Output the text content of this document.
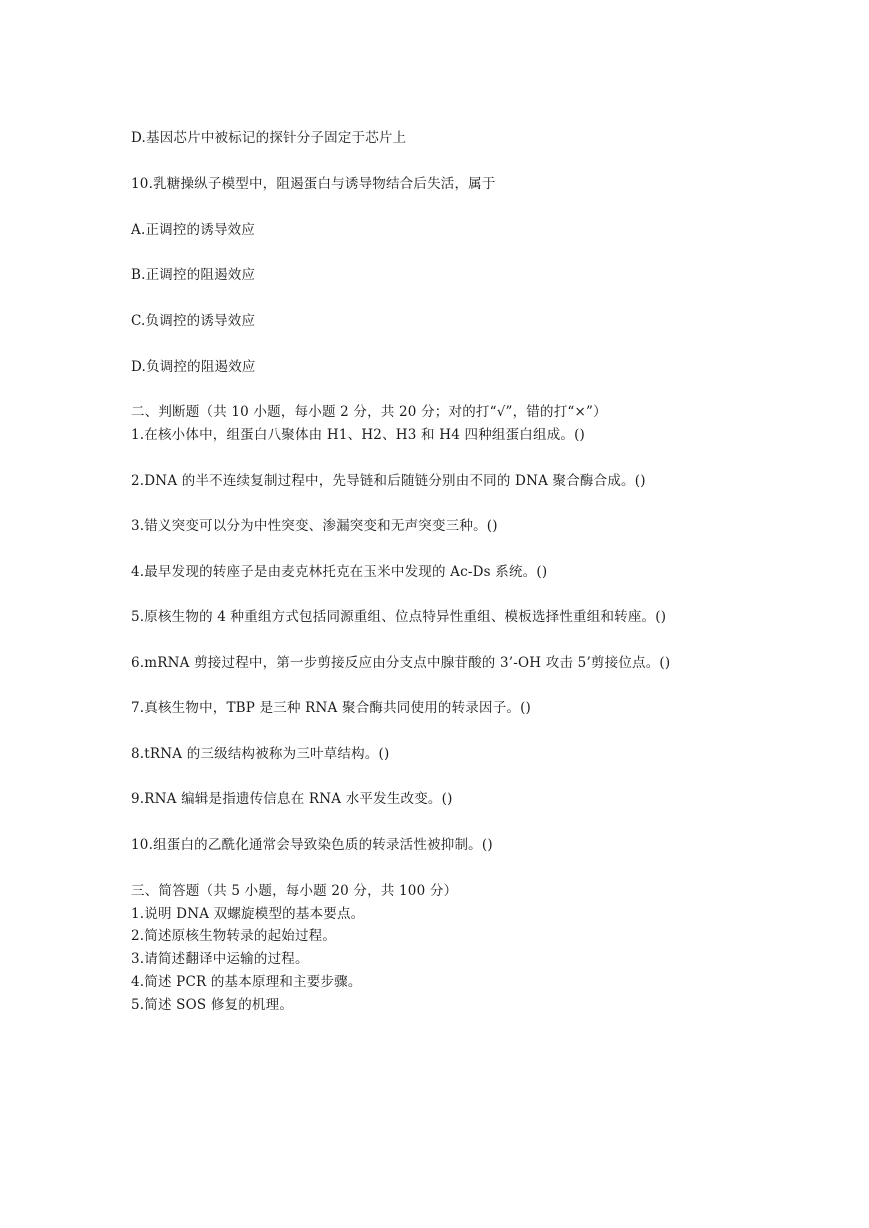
D.基因芯片中被标记的探针分子固定于芯片上
10.乳糖操纵子模型中，阻遏蛋白与诱导物结合后失活，属于
A.正调控的诱导效应
B.正调控的阻遏效应
C.负调控的诱导效应
D.负调控的阻遏效应
二、判断题（共 10 小题，每小题 2 分，共 20 分；对的打“√”，错的打“×”）
1.在核小体中，组蛋白八聚体由 H1、H2、H3 和 H4 四种组蛋白组成。()
2.DNA 的半不连续复制过程中，先导链和后随链分别由不同的 DNA 聚合酶合成。()
3.错义突变可以分为中性突变、渗漏突变和无声突变三种。()
4.最早发现的转座子是由麦克林托克在玉米中发现的 Ac-Ds 系统。()
5.原核生物的 4 种重组方式包括同源重组、位点特异性重组、模板选择性重组和转座。()
6.mRNA 剪接过程中，第一步剪接反应由分支点中腺苷酸的 3’-OH 攻击 5’剪接位点。()
7.真核生物中，TBP 是三种 RNA 聚合酶共同使用的转录因子。()
8.tRNA 的三级结构被称为三叶草结构。()
9.RNA 编辑是指遗传信息在 RNA 水平发生改变。()
10.组蛋白的乙酰化通常会导致染色质的转录活性被抑制。()
三、简答题（共 5 小题，每小题 20 分，共 100 分）
1.说明 DNA 双螺旋模型的基本要点。
2.简述原核生物转录的起始过程。
3.请简述翻译中运输的过程。
4.简述 PCR 的基本原理和主要步骤。
5.简述 SOS 修复的机理。
